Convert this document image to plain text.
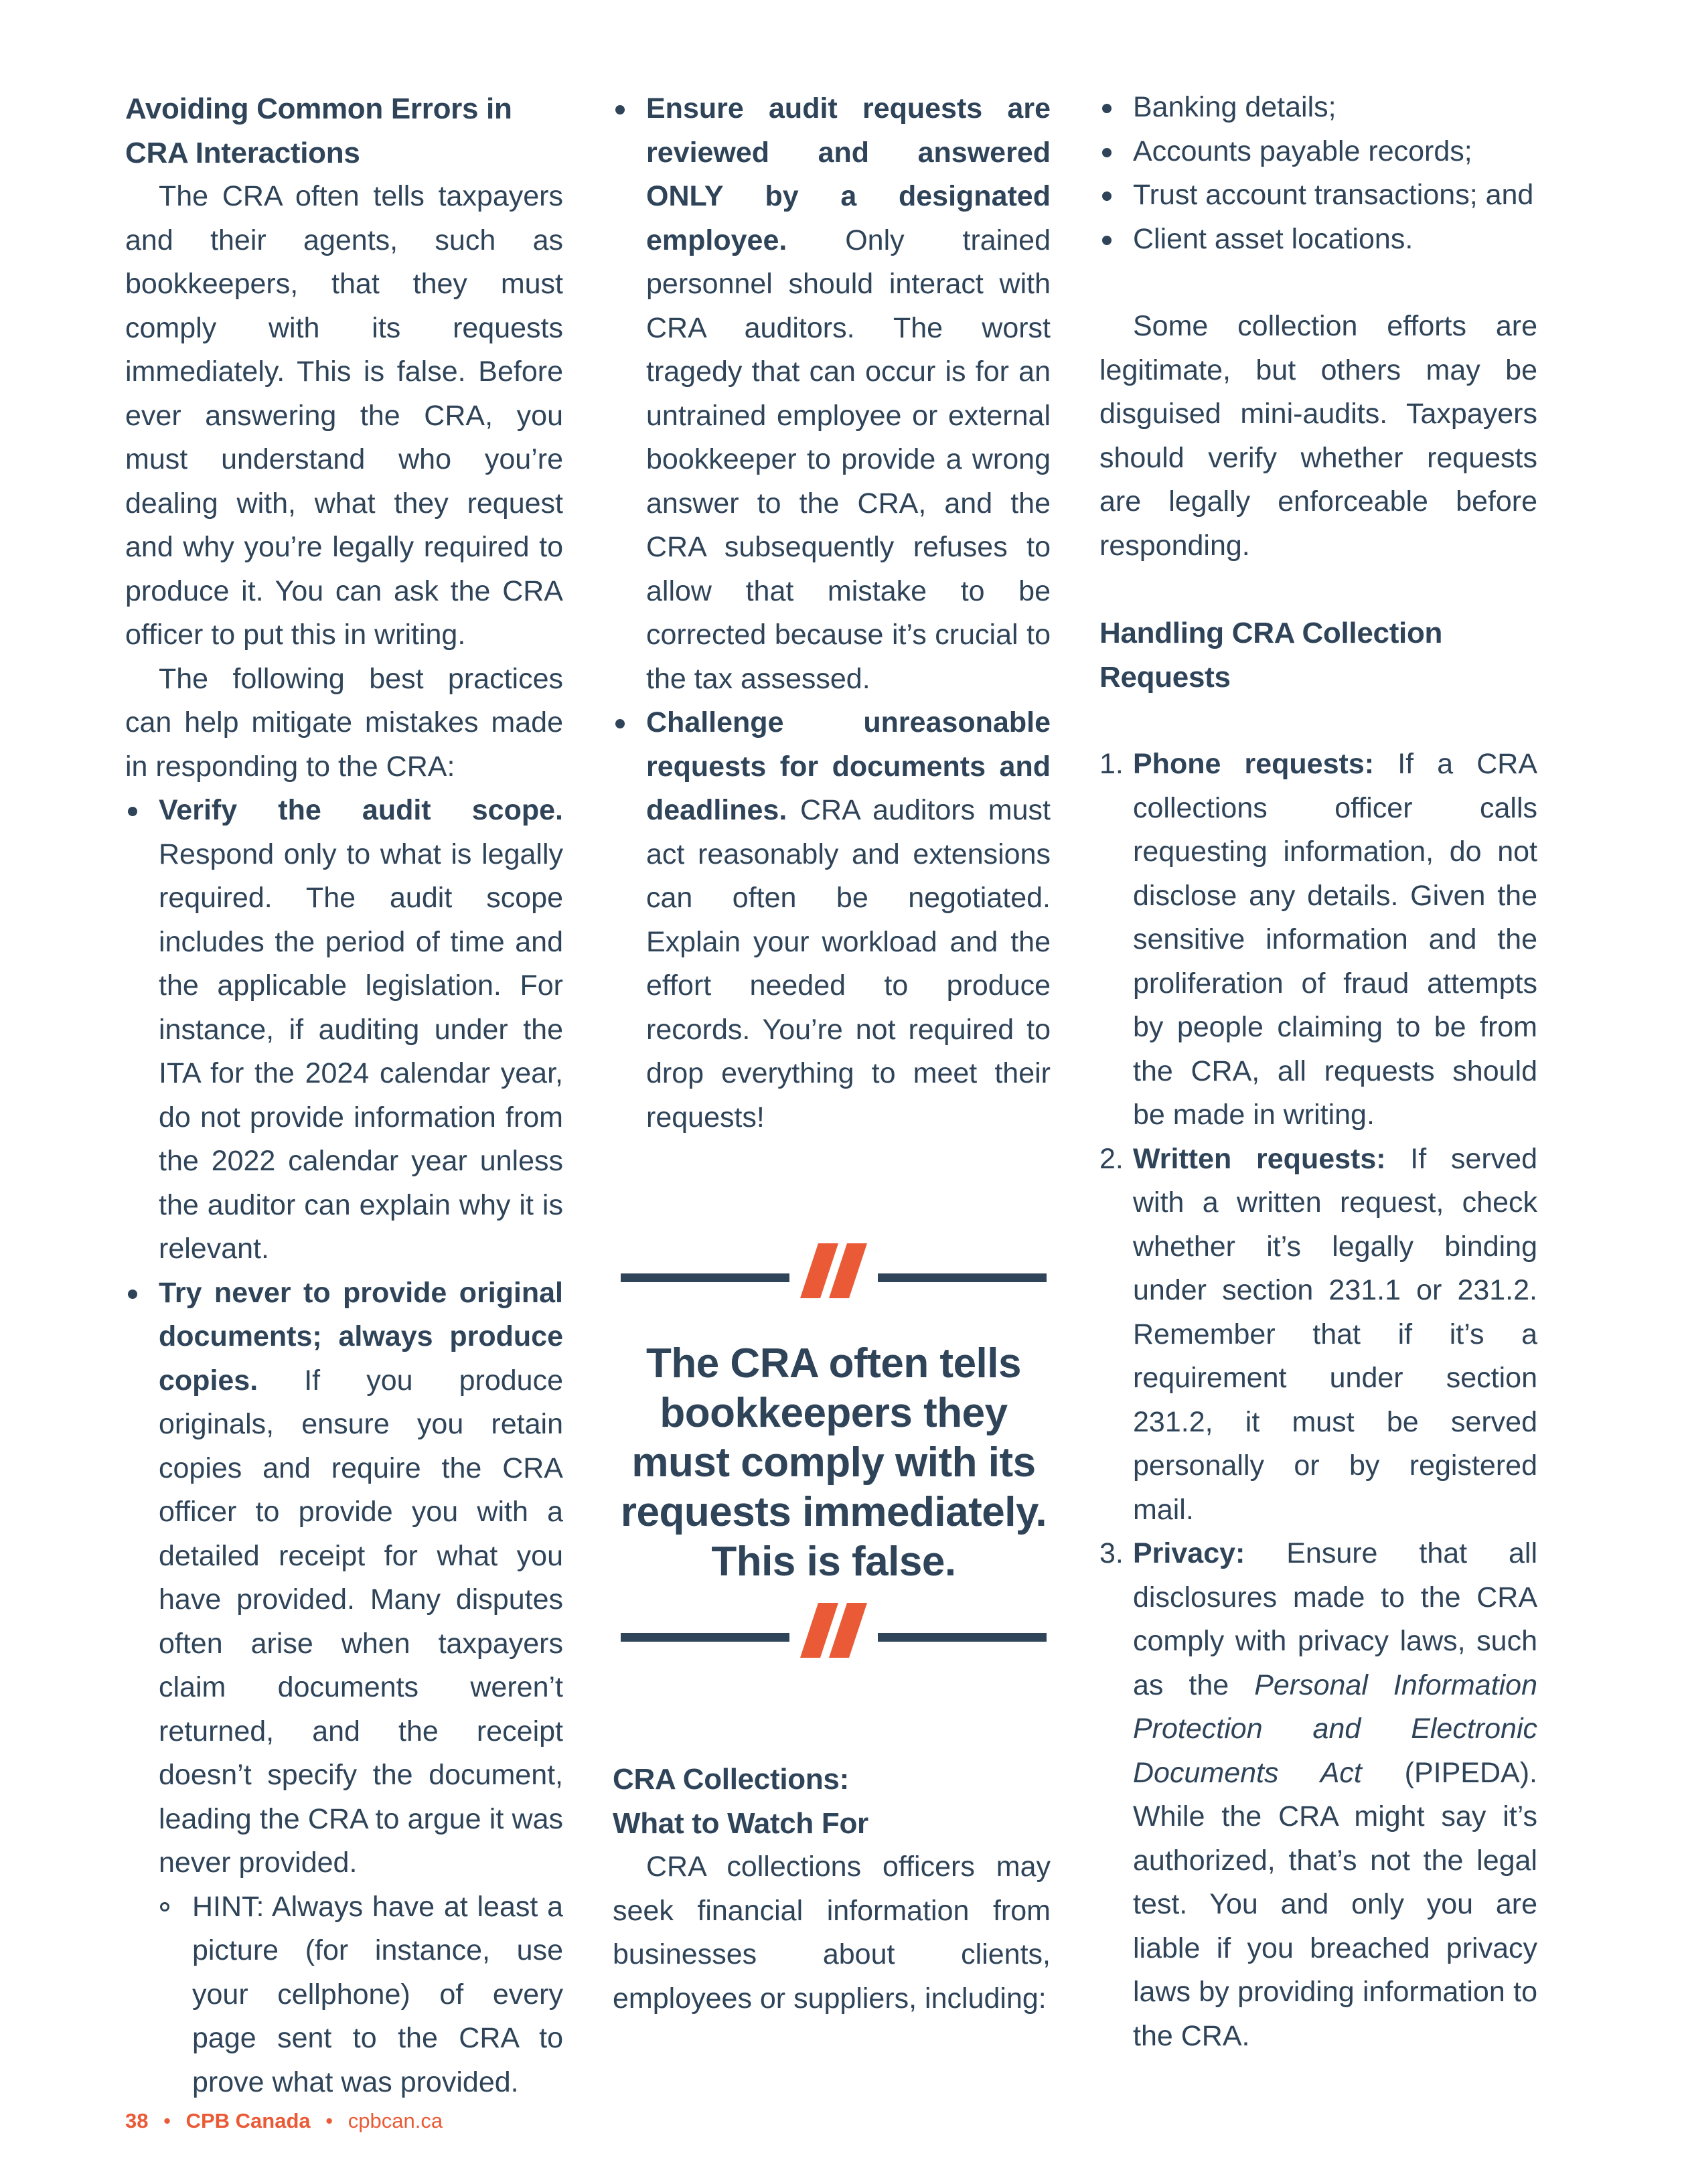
Avoiding Common Errors in CRA Interactions

The CRA often tells taxpayers and their agents, such as bookkeepers, that they must comply with its requests immediately. This is false. Before ever answering the CRA, you must understand who you’re dealing with, what they request and why you’re legally required to produce it. You can ask the CRA officer to put this in writing.

The following best practices can help mitigate mistakes made in responding to the CRA:

Verify the audit scope. Respond only to what is legally required. The audit scope includes the period of time and the applicable legislation. For instance, if auditing under the ITA for the 2024 calendar year, do not provide information from the 2022 calendar year unless the auditor can explain why it is relevant.
Try never to provide original documents; always produce copies. If you produce originals, ensure you retain copies and require the CRA officer to provide you with a detailed receipt for what you have provided. Many disputes often arise when taxpayers claim documents weren’t returned, and the receipt doesn’t specify the document, leading the CRA to argue it was never provided.
HINT: Always have at least a picture (for instance, use your cellphone) of every page sent to the CRA to prove what was provided.
Ensure audit requests are reviewed and answered ONLY by a designated employee. Only trained personnel should interact with CRA auditors. The worst tragedy that can occur is for an untrained employee or external bookkeeper to provide a wrong answer to the CRA, and the CRA subsequently refuses to allow that mistake to be corrected because it’s crucial to the tax assessed.
Challenge unreasonable requests for documents and deadlines. CRA auditors must act reasonably and extensions can often be negotiated. Explain your workload and the effort needed to produce records. You’re not required to drop everything to meet their requests!
The CRA often tells bookkeepers they must comply with its requests immediately. This is false.
CRA Collections: What to Watch For

CRA collections officers may seek financial information from businesses about clients, employees or suppliers, including:

Banking details;
Accounts payable records;
Trust account transactions; and
Client asset locations.

Some collection efforts are legitimate, but others may be disguised mini-audits. Taxpayers should verify whether requests are legally enforceable before responding.

Handling CRA Collection Requests
1. Phone requests: If a CRA collections officer calls requesting information, do not disclose any details. Given the sensitive information and the proliferation of fraud attempts by people claiming to be from the CRA, all requests should be made in writing.
2. Written requests: If served with a written request, check whether it’s legally binding under section 231.1 or 231.2. Remember that if it’s a requirement under section 231.2, it must be served personally or by registered mail.
3. Privacy: Ensure that all disclosures made to the CRA comply with privacy laws, such as the Personal Information Protection and Electronic Documents Act (PIPEDA). While the CRA might say it’s authorized, that’s not the legal test. You and only you are liable if you breached privacy laws by providing information to the CRA.
38 • CPB Canada • cpbcan.ca
